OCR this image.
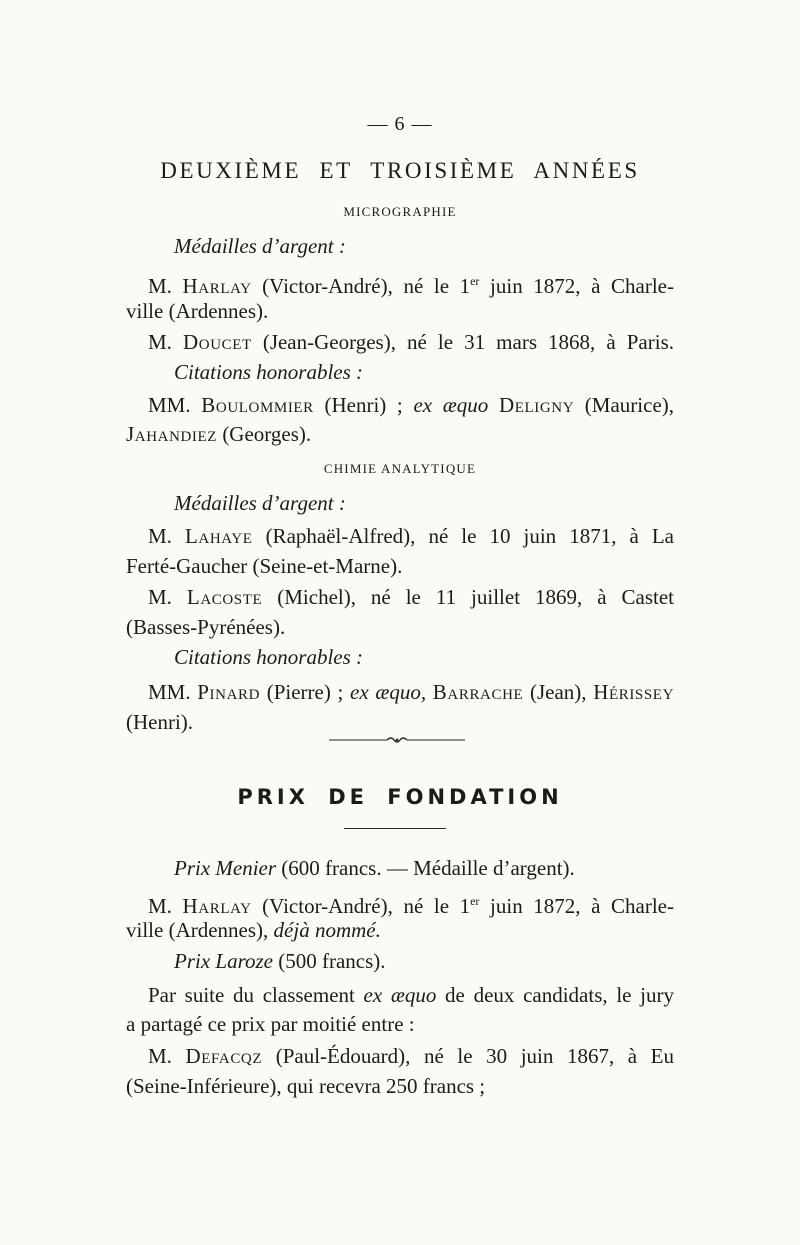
— 6 —
DEUXIÈME ET TROISIÈME ANNÉES
MICROGRAPHIE

Médailles d’argent :

M. Harlay (Victor-André), né le 1er juin 1872, à Charle-

ville (Ardennes).

M. Doucet (Jean-Georges), né le 31 mars 1868, à Paris.

Citations honorables :

MM. Boulommier (Henri) ; ex æquo Deligny (Maurice),

Jahandiez (Georges).

CHIMIE ANALYTIQUE

Médailles d’argent :

M. Lahaye (Raphaël-Alfred), né le 10 juin 1871, à La

Ferté-Gaucher (Seine-et-Marne).

M. Lacoste (Michel), né le 11 juillet 1869, à Castet

(Basses-Pyrénées).

Citations honorables :

MM. Pinard (Pierre) ; ex æquo, Barrache (Jean), Hérissey

(Henri).

PRIX DE FONDATION

Prix Menier (600 francs. — Médaille d’argent).

M. Harlay (Victor-André), né le 1er juin 1872, à Charle-

ville (Ardennes), déjà nommé.

Prix Laroze (500 francs).

Par suite du classement ex æquo de deux candidats, le jury

a partagé ce prix par moitié entre :

M. Defacqz (Paul-Édouard), né le 30 juin 1867, à Eu

(Seine-Inférieure), qui recevra 250 francs ;
